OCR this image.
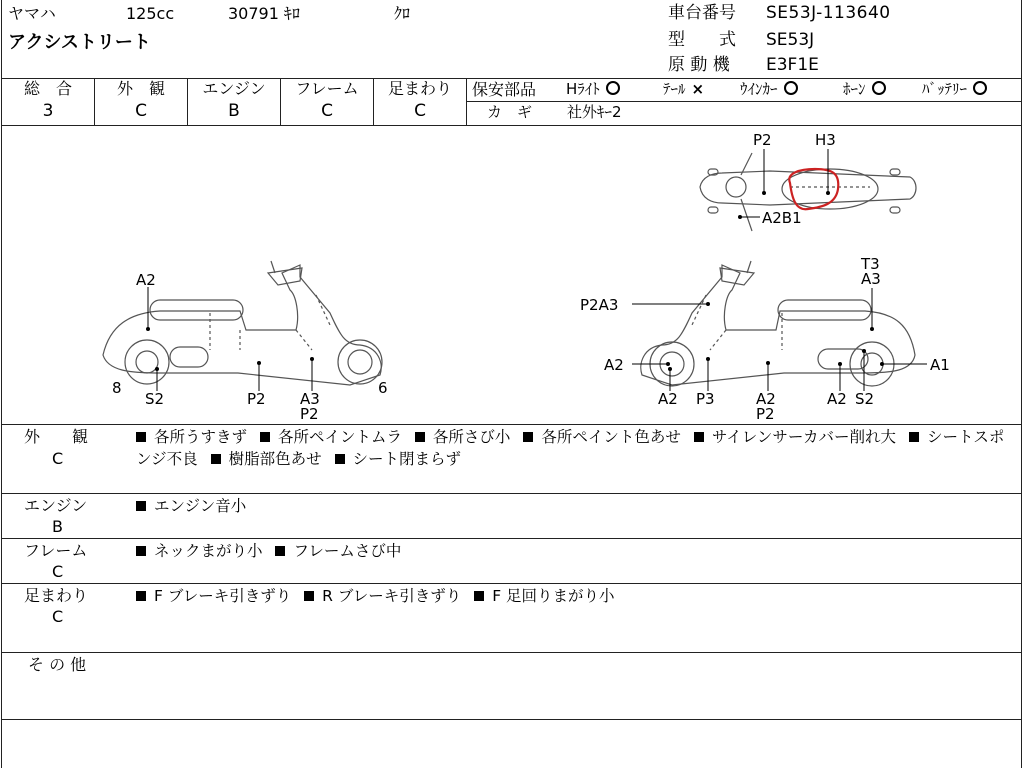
ヤマハ	125cc	30791 ｷﾛ	ｸﾛ
アクシストリート
車台番号 SE53J-113640
型　　式 SE53J
原 動 機 E3F1E
総　合
3
外　観
C
エンジン
B
フレーム
C
足まわり
C
保安部品 Hﾗｲﾄ	ﾃｰﾙ × ｳｲﾝｶｰ	ﾎｰﾝ	ﾊﾞｯﾃﾘｰ
カ　ギ 社外ｷｰ2
A2
8
S2	P2 A3
P2
6
P2	H3
A2B1
T3
A3
P2A3
A2	A1
A2 P3	A2
P2
A2 S2
外　　観
C
各所うすきず 各所ペイントムラ 各所さび小 各所ペイント色あせ サイレンサーカバー削れ大 シートスポンジ不良 樹脂部色あせ シート閉まらず
エンジン
B
エンジン音小
フレーム
C
ネックまがり小 フレームさび中
足まわり
C
F ブレーキ引きずり R ブレーキ引きずり F 足回りまがり小
そ の 他
